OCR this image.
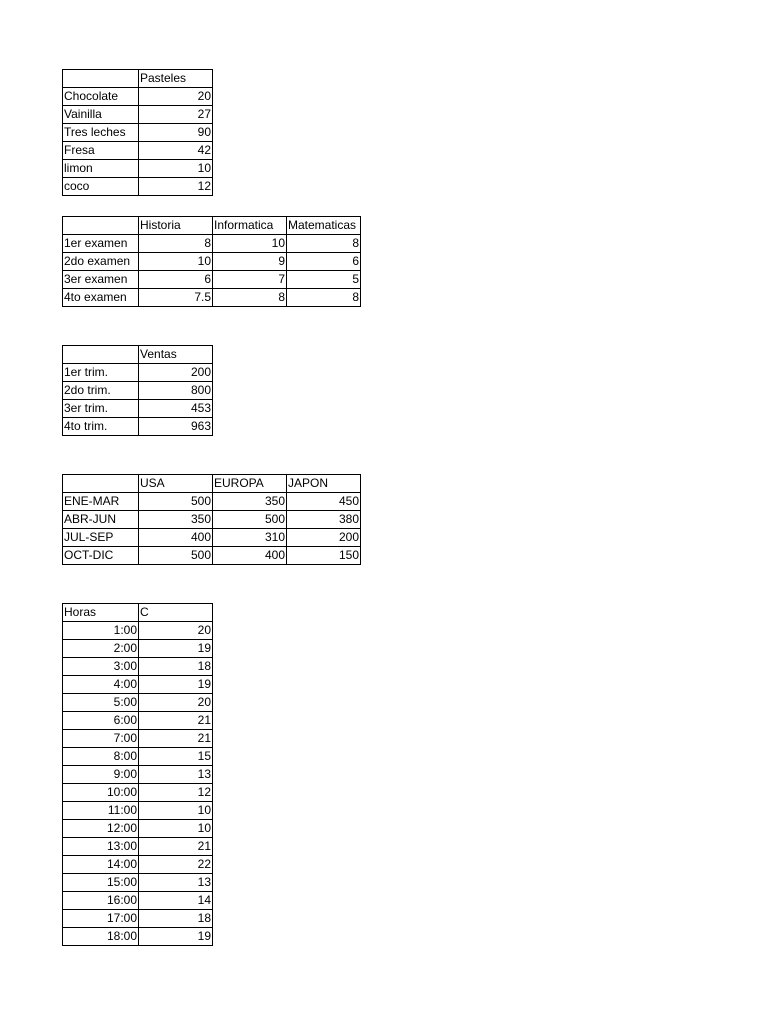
	Pasteles
Chocolate	20
Vainilla	27
Tres leches	90
Fresa	42
limon	10
coco	12
	Historia	Informatica	Matematicas
1er examen	8	10	8
2do examen	10	9	6
3er examen	6	7	5
4to examen	7.5	8	8
	Ventas
1er trim.	200
2do trim.	800
3er trim.	453
4to trim.	963
	USA	EUROPA	JAPON
ENE-MAR	500	350	450
ABR-JUN	350	500	380
JUL-SEP	400	310	200
OCT-DIC	500	400	150
Horas	C
1:00	20
2:00	19
3:00	18
4:00	19
5:00	20
6:00	21
7:00	21
8:00	15
9:00	13
10:00	12
11:00	10
12:00	10
13:00	21
14:00	22
15:00	13
16:00	14
17:00	18
18:00	19
